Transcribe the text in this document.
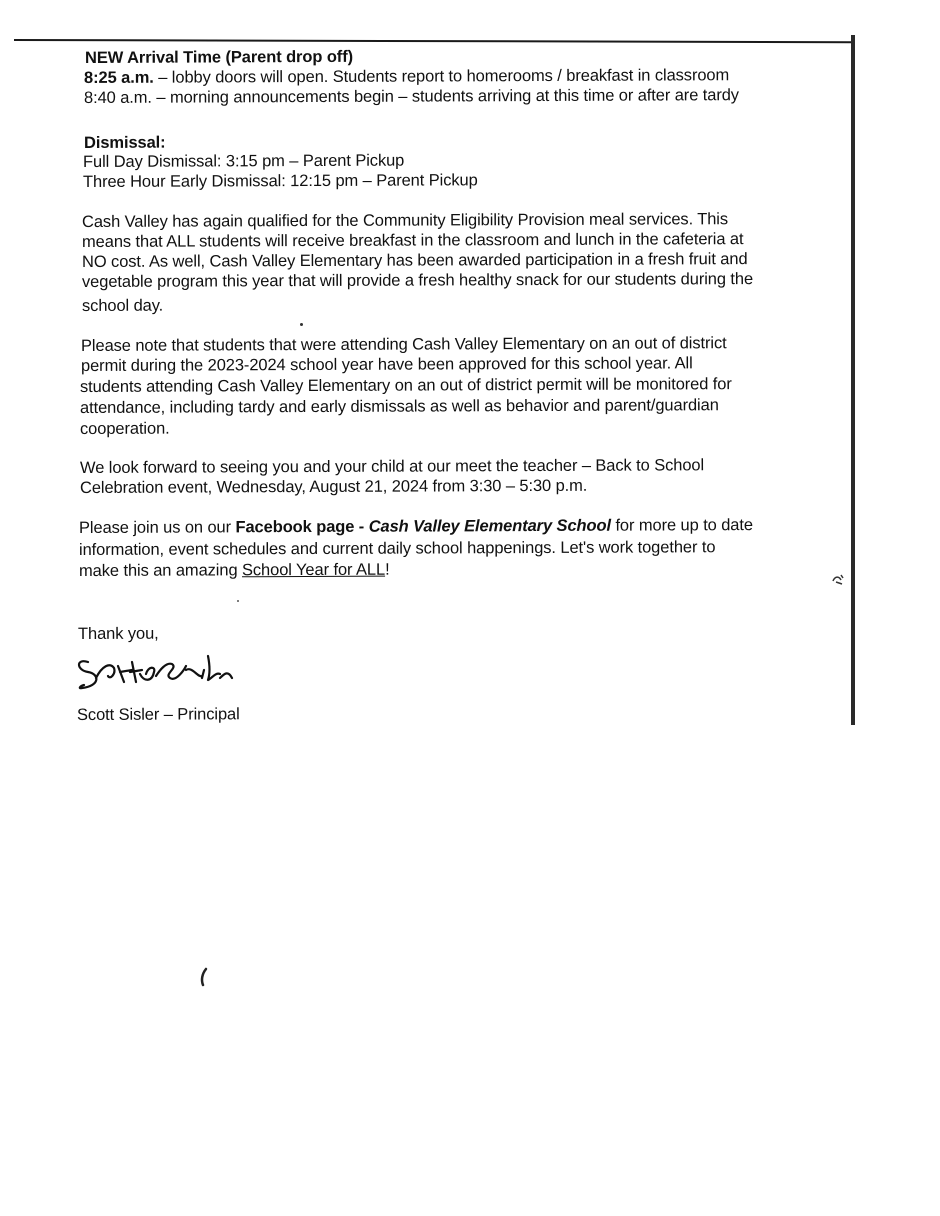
NEW Arrival Time (Parent drop off)
8:25 a.m. – lobby doors will open. Students report to homerooms / breakfast in classroom
8:40 a.m. – morning announcements begin – students arriving at this time or after are tardy
Dismissal:
Full Day Dismissal: 3:15 pm – Parent Pickup
Three Hour Early Dismissal: 12:15 pm – Parent Pickup
Cash Valley has again qualified for the Community Eligibility Provision meal services. This
means that ALL students will receive breakfast in the classroom and lunch in the cafeteria at
NO cost. As well, Cash Valley Elementary has been awarded participation in a fresh fruit and
vegetable program this year that will provide a fresh healthy snack for our students during the
school day.
Please note that students that were attending Cash Valley Elementary on an out of district
permit during the 2023-2024 school year have been approved for this school year. All
students attending Cash Valley Elementary on an out of district permit will be monitored for
attendance, including tardy and early dismissals as well as behavior and parent/guardian
cooperation.
We look forward to seeing you and your child at our meet the teacher – Back to School
Celebration event, Wednesday, August 21, 2024 from 3:30 – 5:30 p.m.
Please join us on our Facebook page - Cash Valley Elementary School for more up to date
information, event schedules and current daily school happenings. Let's work together to
make this an amazing School Year for ALL!
Thank you,
Scott Sisler – Principal
